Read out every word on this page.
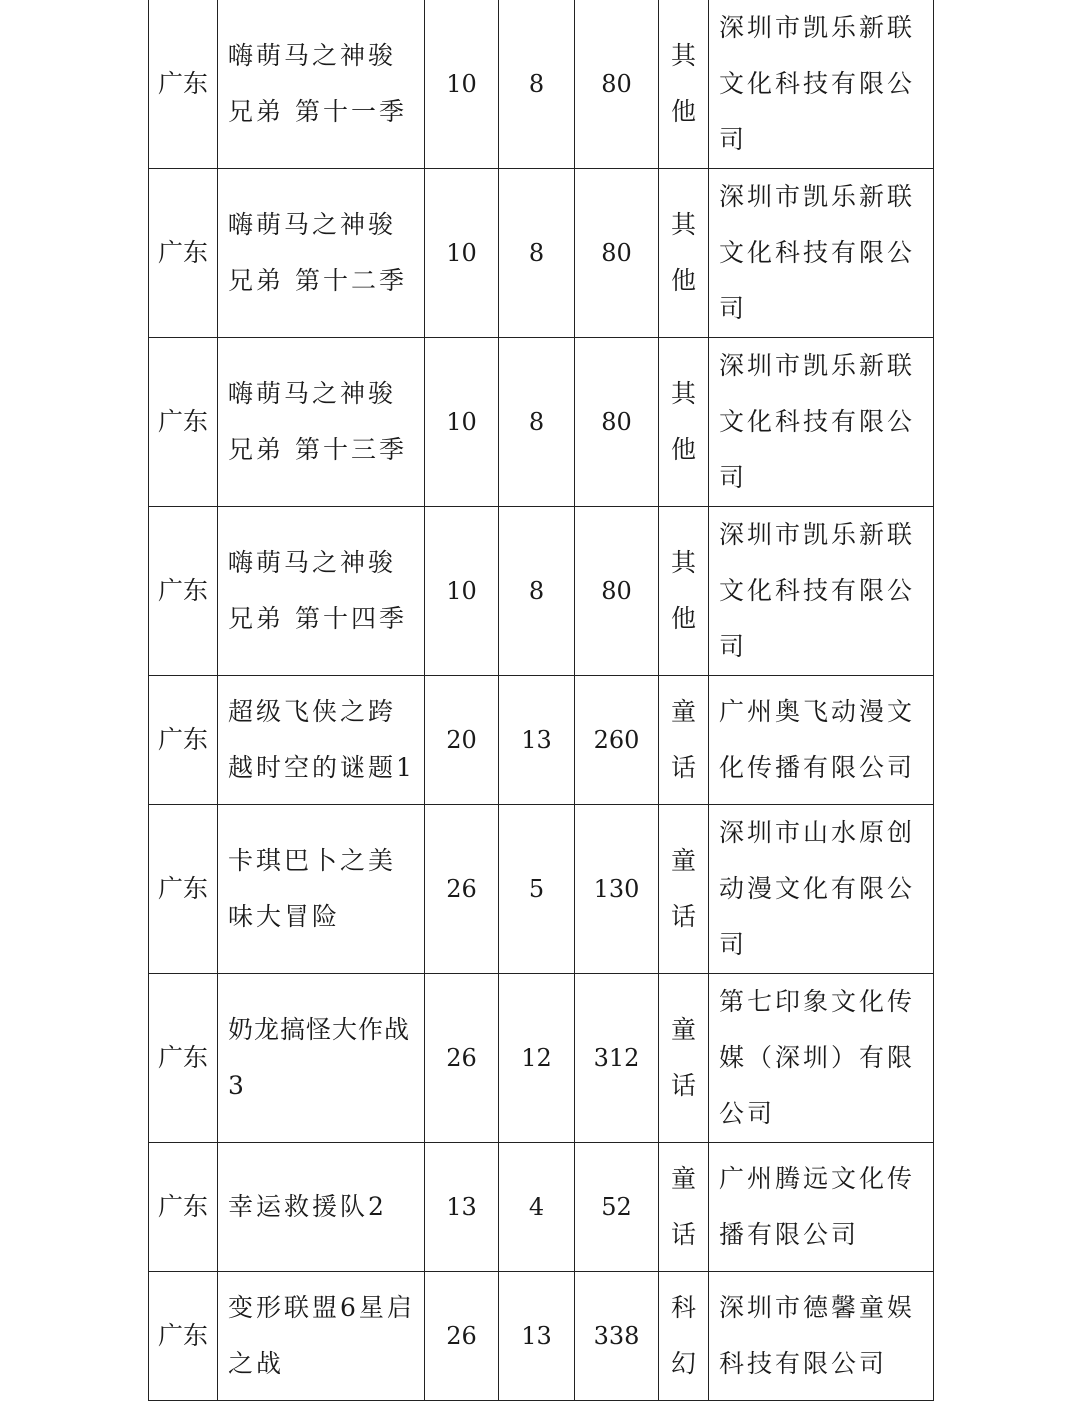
广东	嗨萌马之神骏兄弟 第十一季	10	8	80	其他	深圳市凯乐新联文化科技有限公司
广东	嗨萌马之神骏兄弟 第十二季	10	8	80	其他	深圳市凯乐新联文化科技有限公司
广东	嗨萌马之神骏兄弟 第十三季	10	8	80	其他	深圳市凯乐新联文化科技有限公司
广东	嗨萌马之神骏兄弟 第十四季	10	8	80	其他	深圳市凯乐新联文化科技有限公司
广东	超级飞侠之跨越时空的谜题1	20	13	260	童话	广州奥飞动漫文化传播有限公司
广东	卡琪巴卜之美味大冒险	26	5	130	童话	深圳市山水原创动漫文化有限公司
广东	奶龙搞怪大作战3	26	12	312	童话	第七印象文化传媒（深圳）有限公司
广东	幸运救援队2	13	4	52	童话	广州腾远文化传播有限公司
广东	变形联盟6星启之战	26	13	338	科幻	深圳市德馨童娱科技有限公司
